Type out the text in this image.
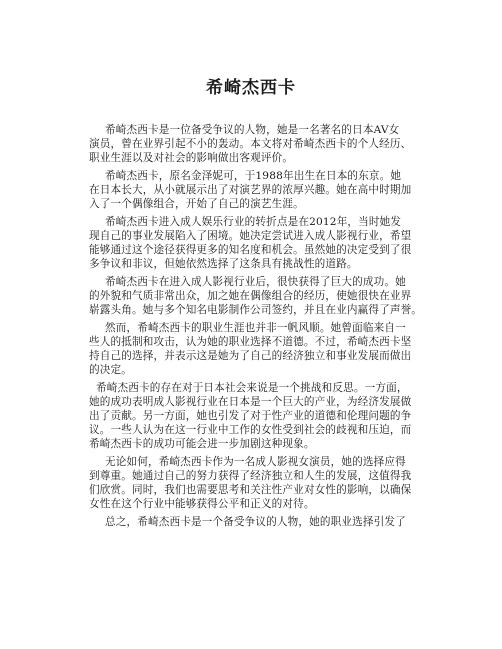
希崎杰西卡
希崎杰西卡是一位备受争议的人物，她是一名著名的日本AV女
演员，曾在业界引起不小的轰动。本文将对希崎杰西卡的个人经历、
职业生涯以及对社会的影响做出客观评价。
希崎杰西卡，原名金泽妮可，于1988年出生在日本的东京。她
在日本长大，从小就展示出了对演艺界的浓厚兴趣。她在高中时期加
入了一个偶像组合，开始了自己的演艺生涯。
希崎杰西卡进入成人娱乐行业的转折点是在2012年，当时她发
现自己的事业发展陷入了困境。她决定尝试进入成人影视行业，希望
能够通过这个途径获得更多的知名度和机会。虽然她的决定受到了很
多争议和非议，但她依然选择了这条具有挑战性的道路。
希崎杰西卡在进入成人影视行业后，很快获得了巨大的成功。她
的外貌和气质非常出众，加之她在偶像组合的经历，使她很快在业界
崭露头角。她与多个知名电影制作公司签约，并且在业内赢得了声誉。
然而，希崎杰西卡的职业生涯也并非一帆风顺。她曾面临来自一
些人的抵制和攻击，认为她的职业选择不道德。不过，希崎杰西卡坚
持自己的选择，并表示这是她为了自己的经济独立和事业发展而做出
的决定。
希崎杰西卡的存在对于日本社会来说是一个挑战和反思。一方面，
她的成功表明成人影视行业在日本是一个巨大的产业，为经济发展做
出了贡献。另一方面，她也引发了对于性产业的道德和伦理问题的争
议。一些人认为在这一行业中工作的女性受到社会的歧视和压迫，而
希崎杰西卡的成功可能会进一步加剧这种现象。
无论如何，希崎杰西卡作为一名成人影视女演员，她的选择应得
到尊重。她通过自己的努力获得了经济独立和人生的发展，这值得我
们欣赏。同时，我们也需要思考和关注性产业对女性的影响，以确保
女性在这个行业中能够获得公平和正义的对待。
总之，希崎杰西卡是一个备受争议的人物，她的职业选择引发了
